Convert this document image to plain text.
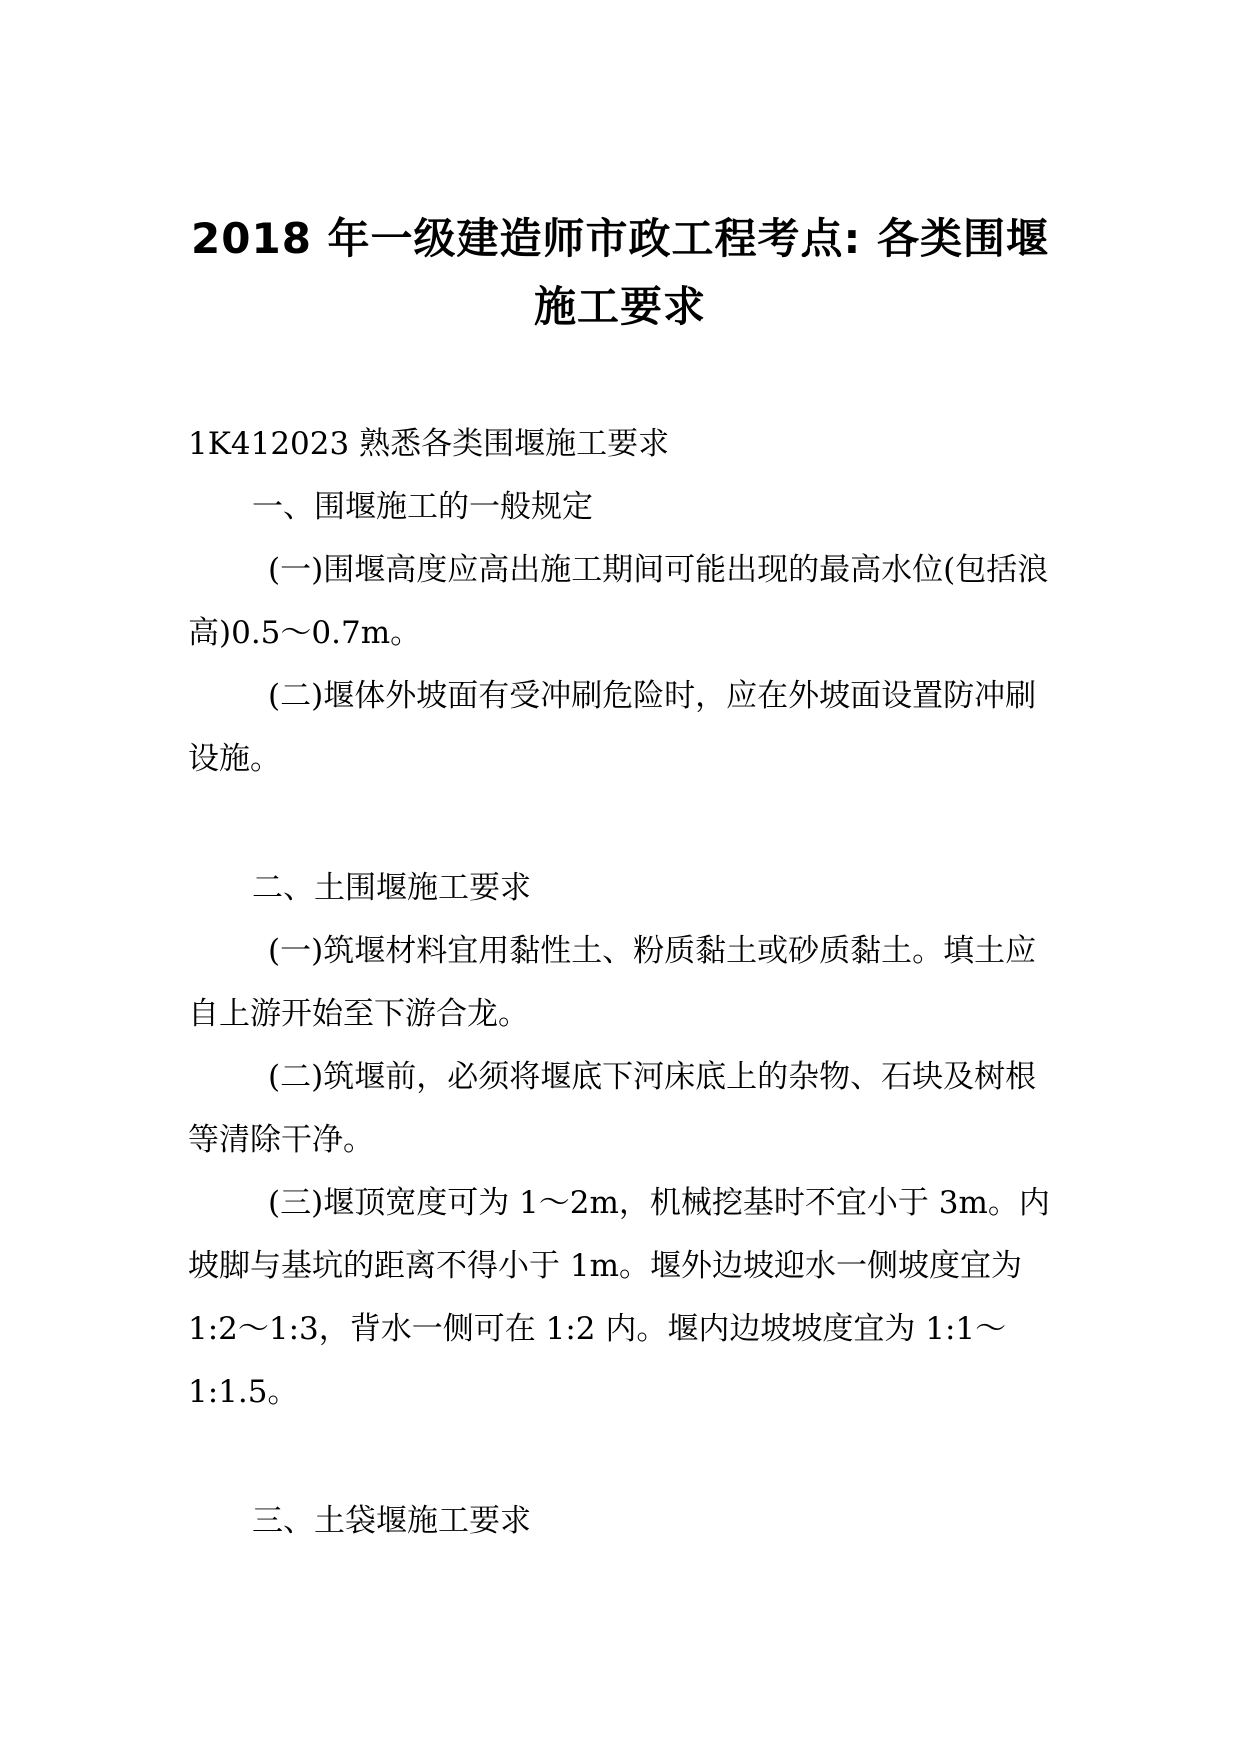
2018 年一级建造师市政工程考点: 各类围堰
施工要求

1K412023 熟悉各类围堰施工要求

一、围堰施工的一般规定

(一)围堰高度应高出施工期间可能出现的最高水位(包括浪高)0.5～0.7m。

(二)堰体外坡面有受冲刷危险时，应在外坡面设置防冲刷设施。

二、土围堰施工要求

(一)筑堰材料宜用黏性土、粉质黏土或砂质黏土。填土应自上游开始至下游合龙。

(二)筑堰前，必须将堰底下河床底上的杂物、石块及树根等清除干净。

(三)堰顶宽度可为 1～2m，机械挖基时不宜小于 3m。内坡脚与基坑的距离不得小于 1m。堰外边坡迎水一侧坡度宜为 1:2～1:3，背水一侧可在 1:2 内。堰内边坡坡度宜为 1:1～1:1.5。

三、土袋堰施工要求
